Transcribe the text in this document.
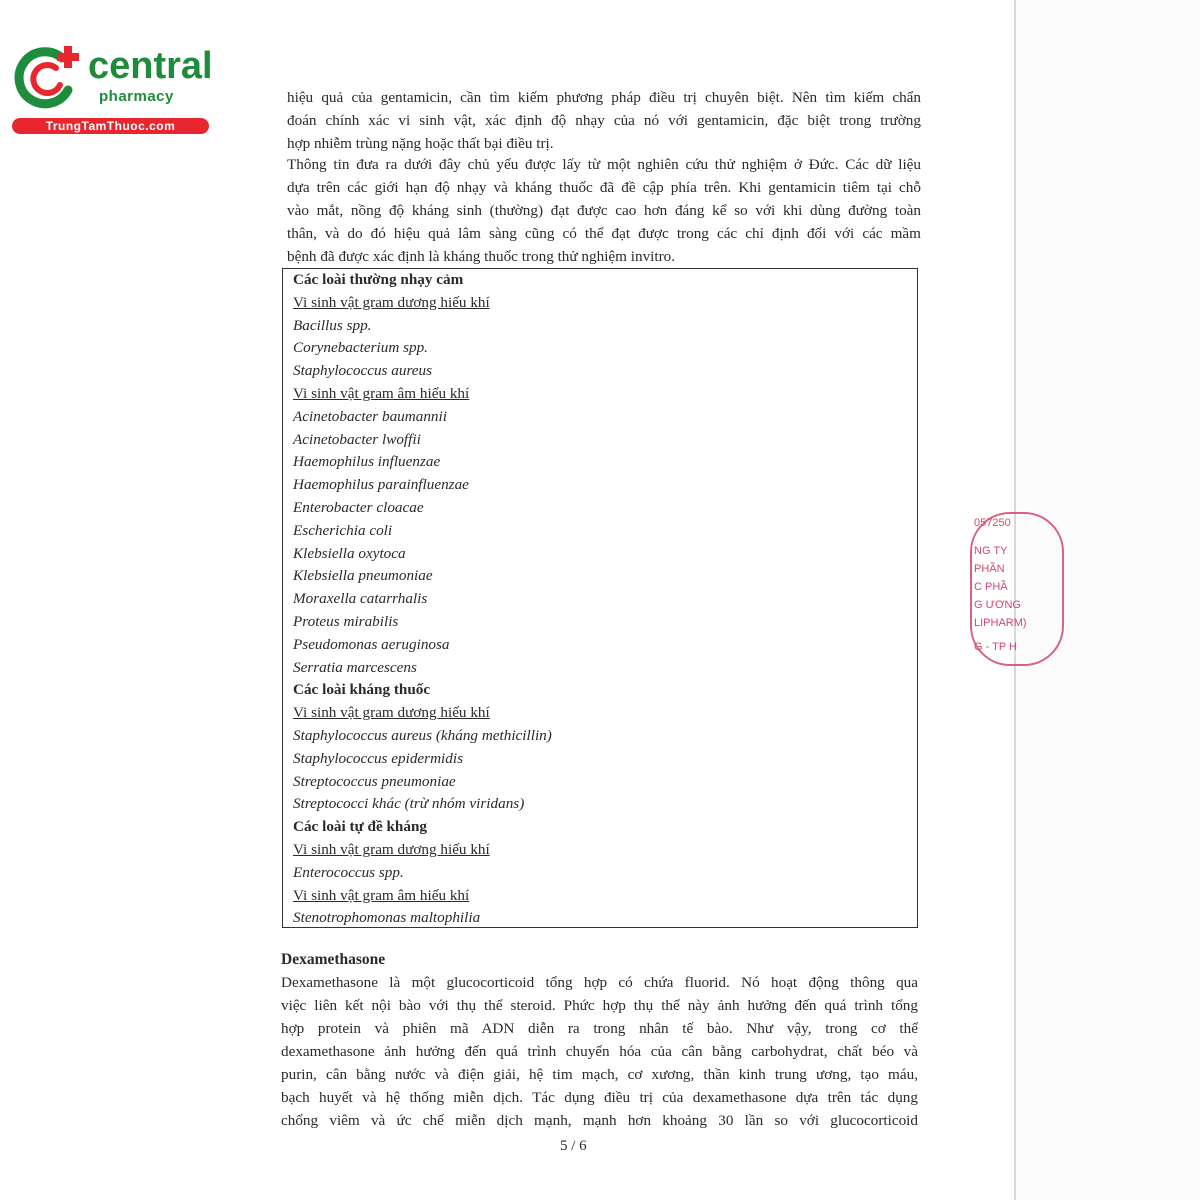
central
pharmacy
TrungTamThuoc.com
057250
NG TY
PHẦN
C PHẦ
G ƯƠNG
LIPHARM)
G - TP H
hiệu quả của gentamicin, cần tìm kiếm phương pháp điều trị chuyên biệt. Nên tìm kiếm chẩn
đoán chính xác vi sinh vật, xác định độ nhạy của nó với gentamicin, đặc biệt trong trường
hợp nhiễm trùng nặng hoặc thất bại điều trị.
Thông tin đưa ra dưới đây chủ yếu được lấy từ một nghiên cứu thử nghiệm ở Đức. Các dữ liệu
dựa trên các giới hạn độ nhạy và kháng thuốc đã đề cập phía trên. Khi gentamicin tiêm tại chỗ
vào mắt, nồng độ kháng sinh (thường) đạt được cao hơn đáng kể so với khi dùng đường toàn
thân, và do đó hiệu quả lâm sàng cũng có thể đạt được trong các chỉ định đối với các mầm
bệnh đã được xác định là kháng thuốc trong thử nghiệm invitro.
Các loài thường nhạy cảm
Vi sinh vật gram dương hiếu khí
Bacillus spp.
Corynebacterium spp.
Staphylococcus aureus
Vi sinh vật gram âm hiếu khí
Acinetobacter baumannii
Acinetobacter lwoffii
Haemophilus influenzae
Haemophilus parainfluenzae
Enterobacter cloacae
Escherichia coli
Klebsiella oxytoca
Klebsiella pneumoniae
Moraxella catarrhalis
Proteus mirabilis
Pseudomonas aeruginosa
Serratia marcescens
Các loài kháng thuốc
Vi sinh vật gram dương hiếu khí
Staphylococcus aureus (kháng methicillin)
Staphylococcus epidermidis
Streptococcus pneumoniae
Streptococci khác (trừ nhóm viridans)
Các loài tự đề kháng
Vi sinh vật gram dương hiếu khí
Enterococcus spp.
Vi sinh vật gram âm hiếu khí
Stenotrophomonas maltophilia
Dexamethasone
Dexamethasone là một glucocorticoid tổng hợp có chứa fluorid. Nó hoạt động thông qua
việc liên kết nội bào với thụ thể steroid. Phức hợp thụ thể này ảnh hưởng đến quá trình tổng
hợp protein và phiên mã ADN diễn ra trong nhân tế bào. Như vậy, trong cơ thể
dexamethasone ảnh hưởng đến quá trình chuyển hóa của cân bằng carbohydrat, chất béo và
purin, cân bằng nước và điện giải, hệ tim mạch, cơ xương, thần kinh trung ương, tạo máu,
bạch huyết và hệ thống miễn dịch. Tác dụng điều trị của dexamethasone dựa trên tác dụng
chống viêm và ức chế miễn dịch mạnh, mạnh hơn khoảng 30 lần so với glucocorticoid
5 / 6
